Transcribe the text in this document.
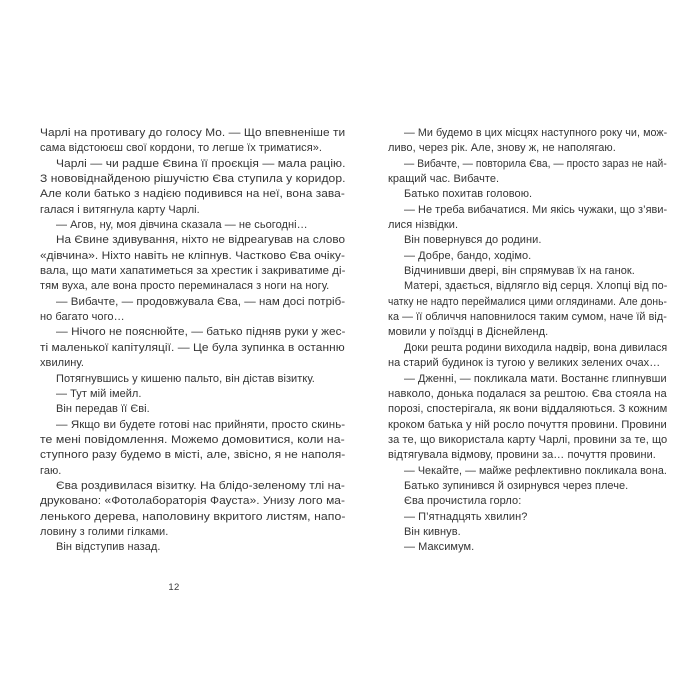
Чарлі на противагу до голосу Мо. — Що впевненіше ти
сама відстоюєш свої кордони, то легше їх триматися».
Чарлі — чи радше Євина її проєкція — мала рацію.
З нововіднайденою рішучістю Єва ступила у коридор.
Але коли батько з надією подивився на неї, вона зава-
галася і витягнула карту Чарлі.
— Агов, ну, моя дівчина сказала — не сьогодні…
На Євине здивування, ніхто не відреагував на слово
«дівчина». Ніхто навіть не кліпнув. Частково Єва очіку-
вала, що мати хапатиметься за хрестик і закриватиме ді-
тям вуха, але вона просто переминалася з ноги на ногу.
— Вибачте, — продовжувала Єва, — нам досі потріб-
но багато чого…
— Нічого не пояснюйте, — батько підняв руки у жес-
ті маленької капітуляції. — Це була зупинка в останню
хвилину.
Потягнувшись у кишеню пальто, він дістав візитку.
— Тут мій імейл.
Він передав її Єві.
— Якщо ви будете готові нас прийняти, просто скинь-
те мені повідомлення. Можемо домовитися, коли на-
ступного разу будемо в місті, але, звісно, я не наполя-
гаю.
Єва роздивилася візитку. На блідо-зеленому тлі на-
друковано: «Фотолабораторія Фауста». Унизу лого ма-
ленького дерева, наполовину вкритого листям, напо-
ловину з голими гілками.
Він відступив назад.
— Ми будемо в цих місцях наступного року чи, мож-
ливо, через рік. Але, знову ж, не наполягаю.
— Вибачте, — повторила Єва, — просто зараз не най-
кращий час. Вибачте.
Батько похитав головою.
— Не треба вибачатися. Ми якісь чужаки, що з’яви-
лися нізвідки.
Він повернувся до родини.
— Добре, бандо, ходімо.
Відчинивши двері, він спрямував їх на ганок.
Матері, здається, відлягло від серця. Хлопці від по-
чатку не надто переймалися цими оглядинами. Але донь-
ка — її обличчя наповнилося таким сумом, наче їй від-
мовили у поїздці в Діснейленд.
Доки решта родини виходила надвір, вона дивилася
на старий будинок із тугою у великих зелених очах…
— Дженні, — покликала мати. Востаннє глипнувши
навколо, донька подалася за рештою. Єва стояла на
порозі, спостерігала, як вони віддаляються. З кожним
кроком батька у ній росло почуття провини. Провини
за те, що використала карту Чарлі, провини за те, що
відтягувала відмову, провини за… почуття провини.
— Чекайте, — майже рефлективно покликала вона.
Батько зупинився й озирнувся через плече.
Єва прочистила горло:
— П’ятнадцять хвилин?
Він кивнув.
— Максимум.
12
